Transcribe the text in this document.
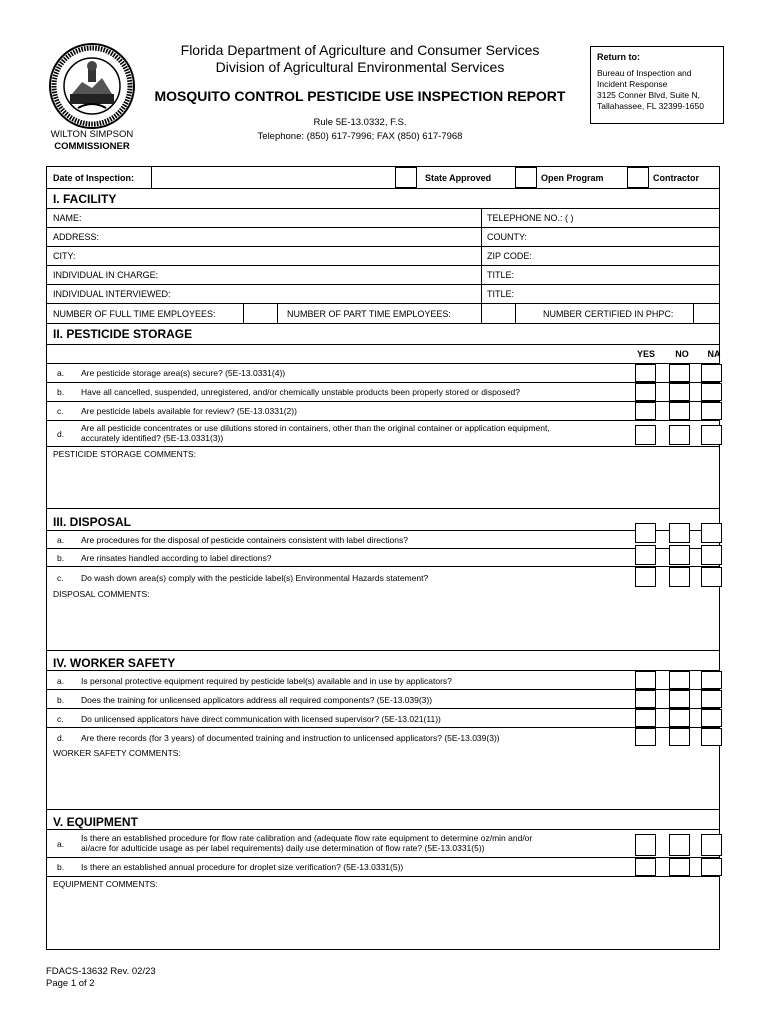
Florida Department of Agriculture and Consumer Services
Division of Agricultural Environmental Services
MOSQUITO CONTROL PESTICIDE USE INSPECTION REPORT
Rule 5E-13.0332, F.S.
Telephone: (850) 617-7996; FAX (850) 617-7968
WILTON SIMPSON
COMMISSIONER
Return to:
Bureau of Inspection and
Incident Response
3125 Conner Blvd, Suite N,
Tallahassee, FL 32399-1650
Date of Inspection:	State Approved	Open Program	Contractor
I. FACILITY
NAME:	TELEPHONE NO.: ( )
ADDRESS:	COUNTY:
CITY:	ZIP CODE:
INDIVIDUAL IN CHARGE:	TITLE:
INDIVIDUAL INTERVIEWED:	TITLE:
NUMBER OF FULL TIME EMPLOYEES:	NUMBER OF PART TIME EMPLOYEES:	NUMBER CERTIFIED IN PHPC:
II. PESTICIDE STORAGE
YES	NO	NA
a. Are pesticide storage area(s) secure? (5E-13.0331(4))
b. Have all cancelled, suspended, unregistered, and/or chemically unstable products been properly stored or disposed?
c. Are pesticide labels available for review? (5E-13.0331(2))
d.
Are all pesticide concentrates or use dilutions stored in containers, other than the original container or application equipment,
accurately identified? (5E-13.0331(3))
PESTICIDE STORAGE COMMENTS:
III. DISPOSAL
a. Are procedures for the disposal of pesticide containers consistent with label directions?
b. Are rinsates handled according to label directions?
c. Do wash down area(s) comply with the pesticide label(s) Environmental Hazards statement?
DISPOSAL COMMENTS:
IV. WORKER SAFETY
a. Is personal protective equipment required by pesticide label(s) available and in use by applicators?
b. Does the training for unlicensed applicators address all required components? (5E-13.039(3))
c. Do unlicensed applicators have direct communication with licensed supervisor? (5E-13.021(11))
d. Are there records (for 3 years) of documented training and instruction to unlicensed applicators? (5E-13.039(3))
WORKER SAFETY COMMENTS:
V. EQUIPMENT
a.
Is there an established procedure for flow rate calibration and (adequate flow rate equipment to determine oz/min and/or
ai/acre for adulticide usage as per label requirements) daily use determination of flow rate? (5E-13.0331(5))
b. Is there an established annual procedure for droplet size verification? (5E-13.0331(5))
EQUIPMENT COMMENTS:
FDACS-13632 Rev. 02/23
Page 1 of 2
